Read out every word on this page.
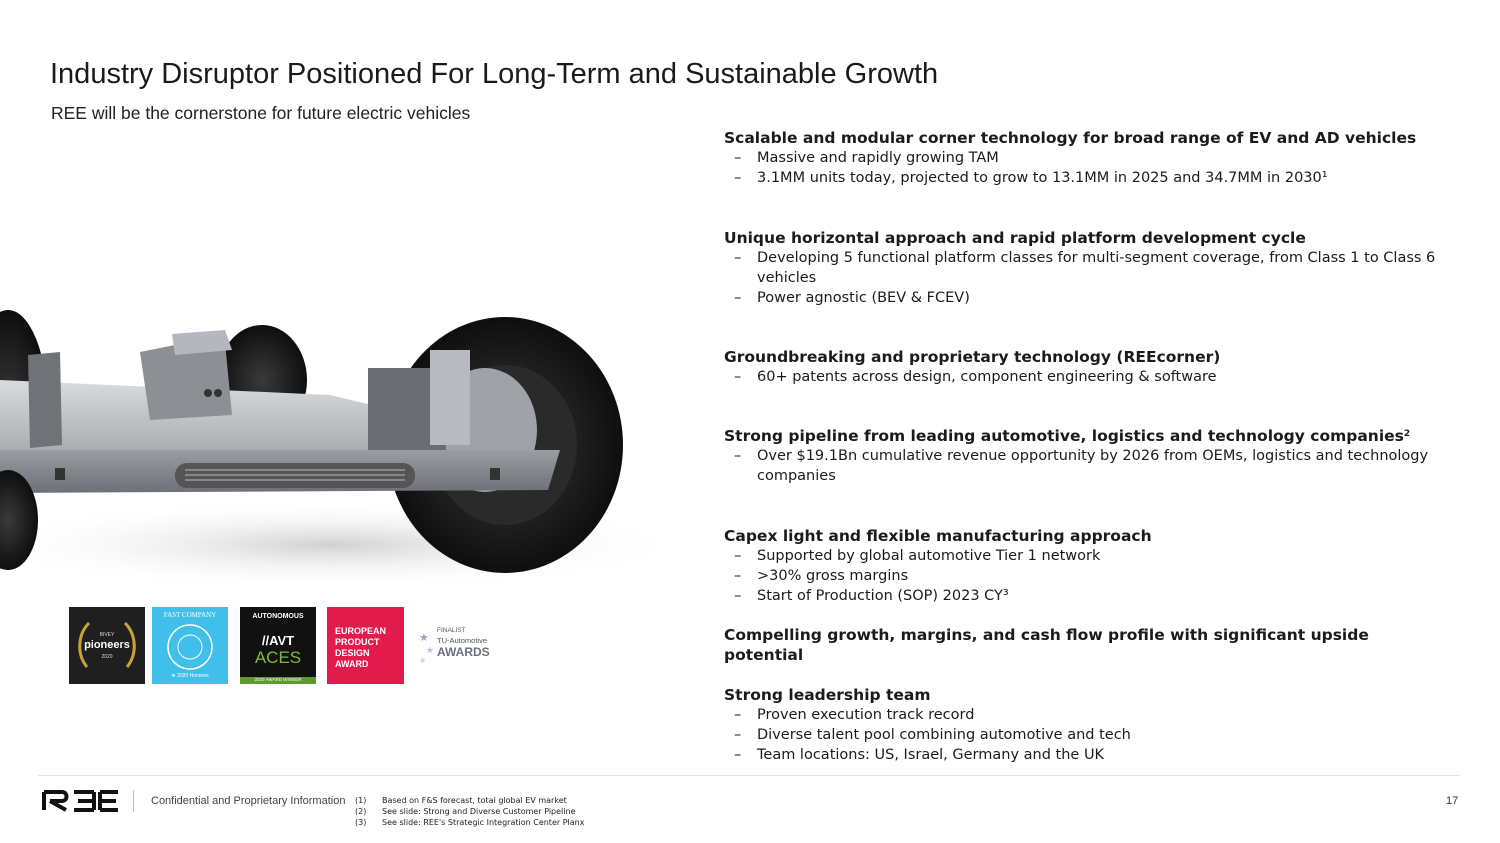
Industry Disruptor Positioned For Long-Term and Sustainable Growth
REE will be the cornerstone for future electric vehicles
BIVEY
pioneers
2020
FAST COMPANY
★ 2020 Honoree
AUTONOMOUS
//AVT
ACES
2020 AWARD WINNER
EUROPEAN
PRODUCT
DESIGN
AWARD
★
★
★
FINALIST
TU-Automotive
AWARDS
Scalable and modular corner technology for broad range of EV and AD vehicles
– Massive and rapidly growing TAM
– 3.1MM units today, projected to grow to 13.1MM in 2025 and 34.7MM in 2030¹
Unique horizontal approach and rapid platform development cycle
– Developing 5 functional platform classes for multi-segment coverage, from Class 1 to Class 6 vehicles
– Power agnostic (BEV & FCEV)
Groundbreaking and proprietary technology (REEcorner)
– 60+ patents across design, component engineering & software
Strong pipeline from leading automotive, logistics and technology companies$^2$
– Over $19.1Bn cumulative revenue opportunity by 2026 from OEMs, logistics and technology companies
Capex light and flexible manufacturing approach
– Supported by global automotive Tier 1 network
– >30% gross margins
– Start of Production (SOP) 2023 CY³
Compelling growth, margins, and cash flow profile with significant upside potential
Strong leadership team
– Proven execution track record
– Diverse talent pool combining automotive and tech
– Team locations: US, Israel, Germany and the UK
Confidential and Proprietary Information (1) Based on F&S forecast, total global EV market
(2) See slide: Strong and Diverse Customer Pipeline
(3) See slide: REE's Strategic Integration Center Planx
17
